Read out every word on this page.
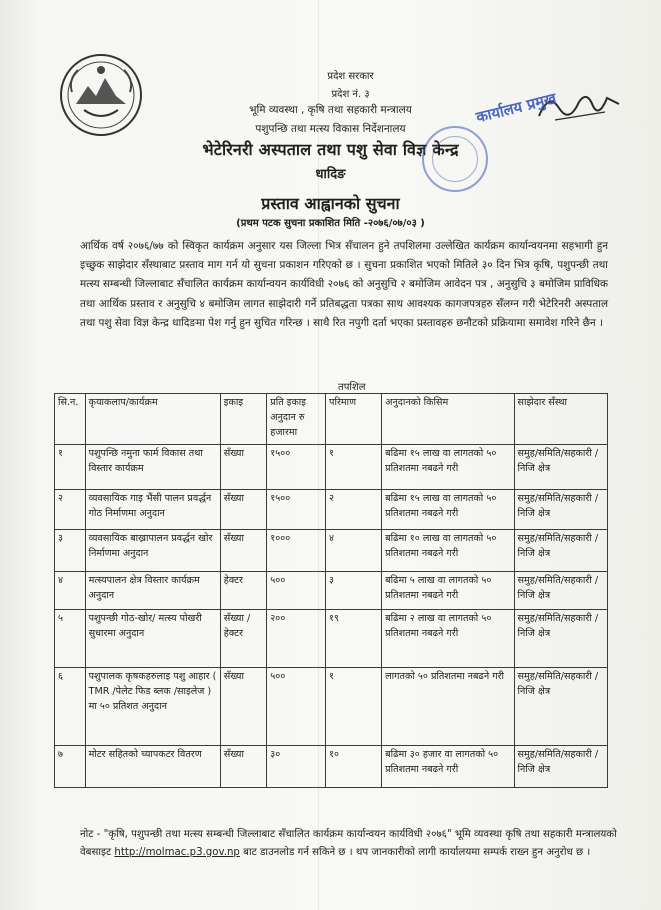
प्रदेश सरकार
प्रदेश नं. ३
भूमि व्यवस्था , कृषि तथा सहकारी मन्त्रालय
पशुपन्छि तथा मत्स्य विकास निर्देशनालय
भेटेरिनरी अस्पताल तथा पशु सेवा विज्ञ केन्द्र
धादिङ
कार्यालय प्रमुख
प्रस्ताव आह्वानको सुचना
(प्रथम पटक सुचना प्रकाशित मिति -२०७६/०७/०३ )

आर्थिक वर्ष २०७६/७७ को स्विकृत कार्यक्रम अनुसार यस जिल्ला भित्र सँचालन हुने तपशिलमा उल्लेखित कार्यक्रम कार्यान्वयनमा सहभागी हुन इच्छुक साझेदार सँस्थाबाट प्रस्ताव माग गर्न यो सुचना प्रकाशन गरिएको छ । सुचना प्रकाशित भएको मितिले ३० दिन भित्र कृषि, पशुपन्छी तथा मत्स्य सम्बन्धी जिल्लाबाट सँचालित कार्यक्रम कार्यान्वयन कार्यविधी २०७६ को अनुसुचि २ बमोजिम आवेदन पत्र , अनुसुचि ३ बमोजिम प्राविधिक तथा आर्थिक प्रस्ताव र अनुसुचि ४ बमोजिम लागत साझेदारी गर्ने प्रतिबद्धता पत्रका साथ आवश्यक कागजपत्रहरु सँलग्न गरी भेटेरिनरी अस्पताल तथा पशु सेवा विज्ञ केन्द्र धादिङमा पेश गर्नु हुन सुचित गरिन्छ । साथै रित नपुगी दर्ता भएका प्रस्तावहरु छनौटको प्रक्रियामा समावेश गरिने छैन ।

तपशिल
सि.न.	कृयाकलाप/कार्यक्रम	इकाइ	प्रति इकाइ अनुदान रु हजारमा	परिमाण	अनुदानको किसिम	साझेदार सँस्था
१	पशुपन्छि नमुना फार्म विकास तथा विस्तार कार्यक्रम	सँख्या	१५००	१	बढिमा १५ लाख वा लागतको ५० प्रतिशतमा नबढने गरी	समुह/समिति/सहकारी /निजि क्षेत्र
२	व्यवसायिक गाइ भैंसी पालन प्रवर्द्धन गोठ निर्माणमा अनुदान	सँख्या	१५००	२	बढिमा १५ लाख वा लागतको ५० प्रतिशतमा नबढने गरी	समुह/समिति/सहकारी /निजि क्षेत्र
३	व्यवसायिक बाख्रापालन प्रवर्द्धन खोर निर्माणमा अनुदान	सँख्या	१०००	४	बढिमा १० लाख वा लागतको ५० प्रतिशतमा नबढने गरी	समुह/समिति/सहकारी /निजि क्षेत्र
४	मत्स्यपालन क्षेत्र विस्तार कार्यक्रम अनुदान	हेक्टर	५००	३	बढिमा ५ लाख वा लागतको ५० प्रतिशतमा नबढने गरी	समुह/समिति/सहकारी /निजि क्षेत्र
५	पशुपन्छी गोठ-खोर/ मत्स्य पोखरी सुधारमा अनुदान	सँख्या / हेक्टर	२००	१९	बढिमा २ लाख वा लागतको ५० प्रतिशतमा नबढने गरी	समुह/समिति/सहकारी /निजि क्षेत्र
६	पशुपालक कृषकहरुलाइ पशु आहार ( TMR /पेलेट फिड ब्लक /साइलेज ) मा ५० प्रतिशत अनुदान	सँख्या	५००	१	लागतको ५० प्रतिशतमा नबढने गरी	समुह/समिति/सहकारी /निजि क्षेत्र
७	मोटर सहितको च्यापकटर वितरण	सँख्या	३०	१०	बढिमा ३० हजार वा लागतको ५० प्रतिशतमा नबढने गरी	समुह/समिति/सहकारी /निजि क्षेत्र

नोट - "कृषि, पशुपन्छी तथा मत्स्य सम्बन्धी जिल्लाबाट सँचालित कार्यक्रम कार्यान्वयन कार्यविधी २०७६" भूमि व्यवस्था कृषि तथा सहकारी मन्त्रालयको वेबसाइट http://molmac.p3.gov.np बाट डाउनलोड गर्न सकिने छ । थप जानकारीको लागी कार्यालयमा सम्पर्क राख्न हुन अनुरोध छ ।
